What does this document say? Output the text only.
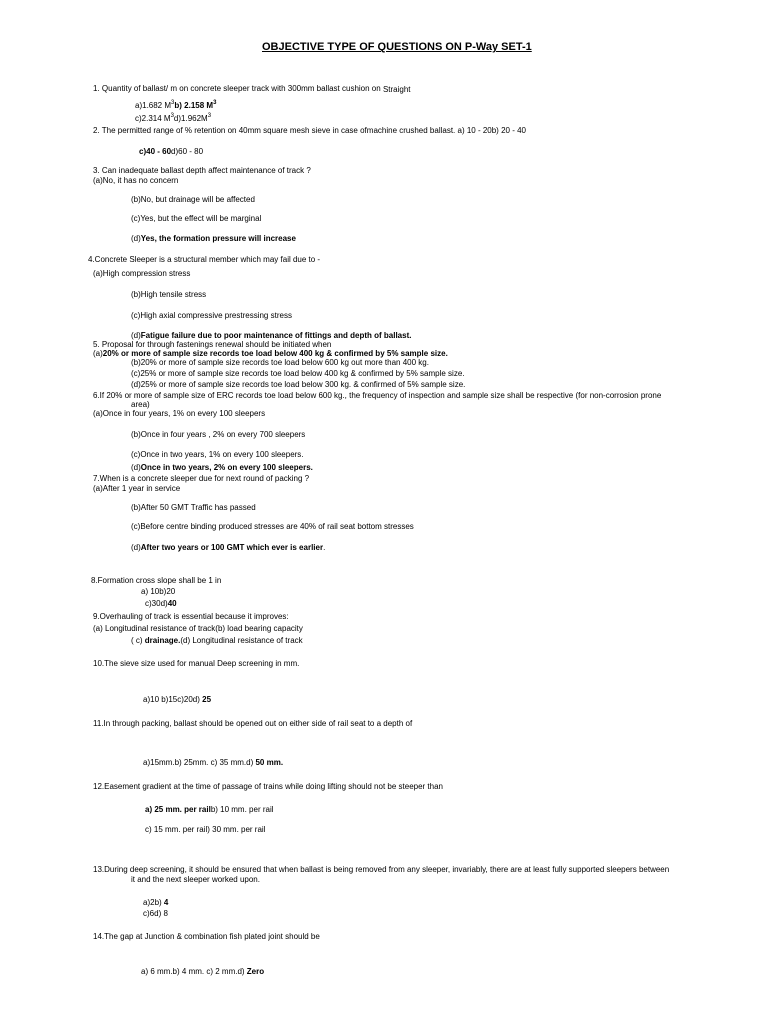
OBJECTIVE TYPE OF QUESTIONS ON P-Way SET-1
1. Quantity of ballast/ m on concrete sleeper track with 300mm ballast cushion on Straight
a)1.682 $M^3b$) 2.158 $M^3$
c)2.314 $M^3d)1.962M^3$
2. The permitted range of % retention on 40mm square mesh sieve in case ofmachine crushed ballast. a) 10 - 20b) 20 - 40
c)40 - 60d)60 - 80
3. Can inadequate ballast depth affect maintenance of track ?
(a)No, it has no concern
(b)No, but drainage will be affected
(c)Yes, but the effect will be marginal
(d)Yes, the formation pressure will increase
4.Concrete Sleeper is a structural member which may fail due to -
(a)High compression stress
(b)High tensile stress
(c)High axial compressive prestressing stress
(d)Fatigue failure due to poor maintenance of fittings and depth of ballast.
5. Proposal for through fastenings renewal should be initiated when
(a)20% or more of sample size records toe load below 400 kg & confirmed by 5% sample size.
(b)20% or more of sample size records toe load below 600 kg out more than 400 kg.
(c)25% or more of sample size records toe load below 400 kg & confirmed by 5% sample size.
(d)25% or more of sample size records toe load below 300 kg. & confirmed of 5% sample size.
6.If 20% or more of sample size of ERC records toe load below 600 kg., the frequency of inspection and sample size shall be respective (for non-corrosion prone
area)
(a)Once in four years, 1% on every 100 sleepers
(b)Once in four years , 2% on every 700 sleepers
(c)Once in two years, 1% on every 100 sleepers.
(d)Once in two years, 2% on every 100 sleepers.
7.When is a concrete sleeper due for next round of packing ?
(a)After 1 year in service
(b)After 50 GMT Traffic has passed
(c)Before centre binding produced stresses are 40% of rail seat bottom stresses
(d)After two years or 100 GMT which ever is earlier.
8.Formation cross slope shall be 1 in
a) 10b)20
c)30d)40
9.Overhauling of track is essential because it improves:
(a) Longitudinal resistance of track(b) load bearing capacity
( c) drainage.(d) Longitudinal resistance of track
10.The sieve size used for manual Deep screening in mm.
a)10 b)15c)20d) 25
11.In through packing, ballast should be opened out on either side of rail seat to a depth of
a)15mm.b) 25mm. c) 35 mm.d) 50 mm.
12.Easement gradient at the time of passage of trains while doing lifting should not be steeper than
a) 25 mm. per railb) 10 mm. per rail
c) 15 mm. per rail) 30 mm. per rail
13.During deep screening, it should be ensured that when ballast is being removed from any sleeper, invariably, there are at least fully supported sleepers between
it and the next sleeper worked upon.
a)2b) 4
c)6d) 8
14.The gap at Junction & combination fish plated joint should be
a) 6 mm.b) 4 mm. c) 2 mm.d) Zero
